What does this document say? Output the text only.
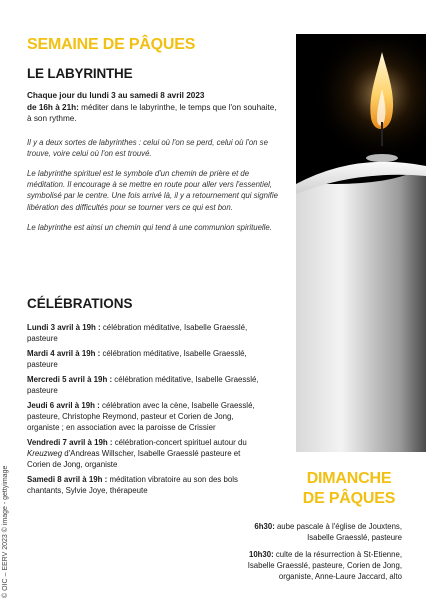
© OIC – EERV 2023 © image - gettyimage
SEMAINE DE PÂQUES
LE LABYRINTHE

Chaque jour du lundi 3 au samedi 8 avril 2023
de 16h à 21h: méditer dans le labyrinthe, le temps que l'on souhaite, à son rythme.

Il y a deux sortes de labyrinthes : celui où l'on se perd, celui où l'on se trouve, voire celui où l'on est trouvé.

Le labyrinthe spirituel est le symbole d'un chemin de prière et de méditation. Il encourage à se mettre en route pour aller vers l'essentiel, symbolisé par le centre. Une fois arrivé là, il y a retournement qui signifie libération des difficultés pour se tourner vers ce qui est bon.

Le labyrinthe est ainsi un chemin qui tend à une communion spirituelle.

CÉLÉBRATIONS

Lundi 3 avril à 19h : célébration méditative, Isabelle Graesslé, pasteure

Mardi 4 avril à 19h : célébration méditative, Isabelle Graesslé, pasteure

Mercredi 5 avril à 19h : célébration méditative, Isabelle Graesslé, pasteure

Jeudi 6 avril à 19h : célébration avec la cène, Isabelle Graesslé, pasteure, Christophe Reymond, pasteur et Corien de Jong, organiste ; en association avec la paroisse de Crissier

Vendredi 7 avril à 19h : célébration-concert spirituel autour du Kreuzweg d'Andreas Willscher, Isabelle Graesslé pasteure et Corien de Jong, organiste

Samedi 8 avril à 19h : méditation vibratoire au son des bols chantants, Sylvie Joye, thérapeute

DIMANCHE
DE PÂQUES

6h30: aube pascale à l'église de Jouxtens, Isabelle Graesslé, pasteure

10h30: culte de la résurrection à St-Etienne, Isabelle Graesslé, pasteure, Corien de Jong, organiste, Anne-Laure Jaccard, alto
